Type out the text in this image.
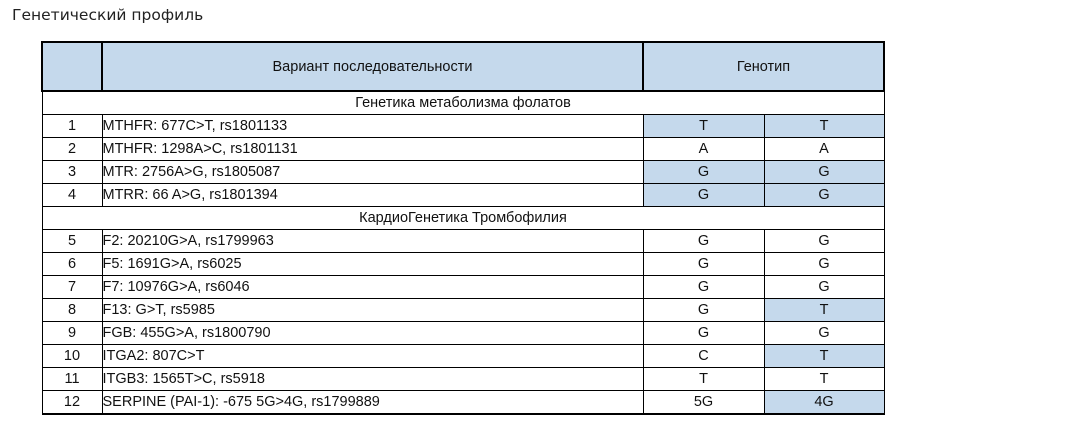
Генетический профиль
	Вариант последовательности	Генотип	
Генетика метаболизма фолатов			
1	MTHFR: 677C>T, rs1801133	T	T
2	MTHFR: 1298A>C, rs1801131	A	A
3	MTR: 2756A>G, rs1805087	G	G
4	MTRR: 66 A>G, rs1801394	G	G
КардиоГенетика Тромбофилия			
5	F2: 20210G>A, rs1799963	G	G
6	F5: 1691G>A, rs6025	G	G
7	F7: 10976G>A, rs6046	G	G
8	F13: G>T, rs5985	G	T
9	FGB: 455G>A, rs1800790	G	G
10	ITGA2: 807C>T	C	T
11	ITGB3: 1565T>C, rs5918	T	T
12	SERPINE (PAI-1): -675 5G>4G, rs1799889	5G	4G
